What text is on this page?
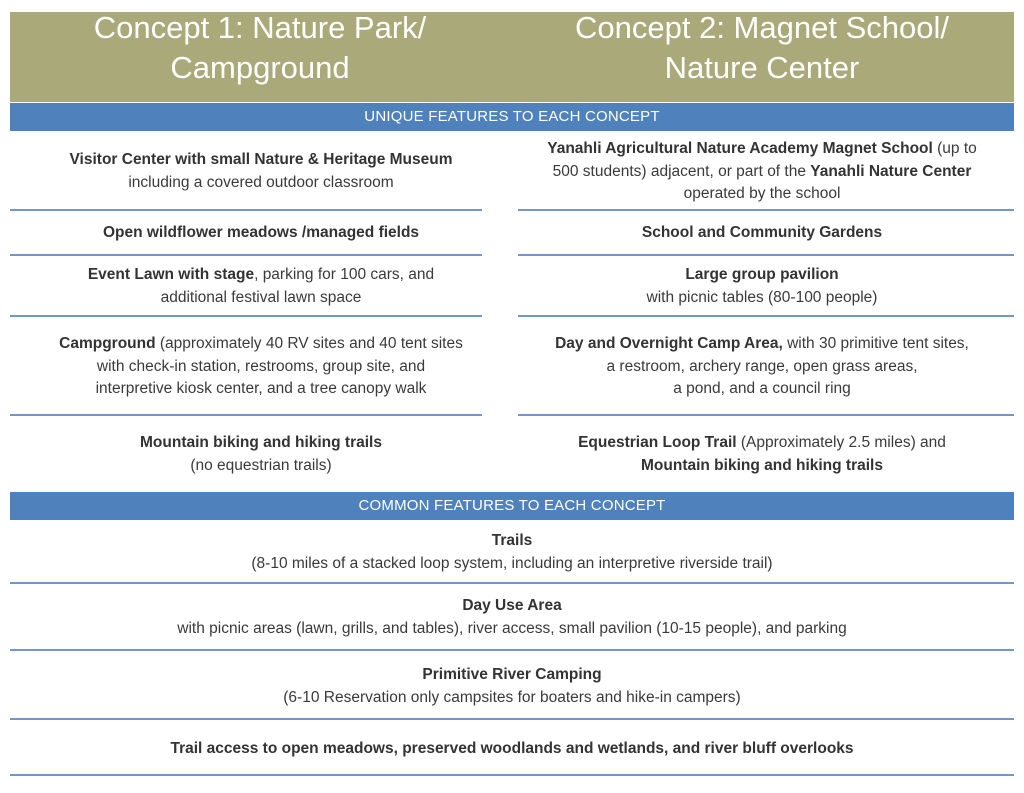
Concept 1: Nature Park/
Campground
Concept 2: Magnet School/
Nature Center
UNIQUE FEATURES TO EACH CONCEPT
Visitor Center with small Nature & Heritage Museum
including a covered outdoor classroom
Yanahli Agricultural Nature Academy Magnet School (up to
500 students) adjacent, or part of the Yanahli Nature Center
operated by the school
Open wildflower meadows /managed fields	School and Community Gardens
Event Lawn with stage, parking for 100 cars, and
additional festival lawn space
Large group pavilion
with picnic tables (80-100 people)
Campground (approximately 40 RV sites and 40 tent sites
with check-in station, restrooms, group site, and
interpretive kiosk center, and a tree canopy walk
Day and Overnight Camp Area, with 30 primitive tent sites,
a restroom, archery range, open grass areas,
a pond, and a council ring
Mountain biking and hiking trails
(no equestrian trails)
Equestrian Loop Trail (Approximately 2.5 miles) and
Mountain biking and hiking trails
COMMON FEATURES TO EACH CONCEPT
Trails
(8-10 miles of a stacked loop system, including an interpretive riverside trail)
Day Use Area
with picnic areas (lawn, grills, and tables), river access, small pavilion (10-15 people), and parking
Primitive River Camping
(6-10 Reservation only campsites for boaters and hike-in campers)
Trail access to open meadows, preserved woodlands and wetlands, and river bluff overlooks
